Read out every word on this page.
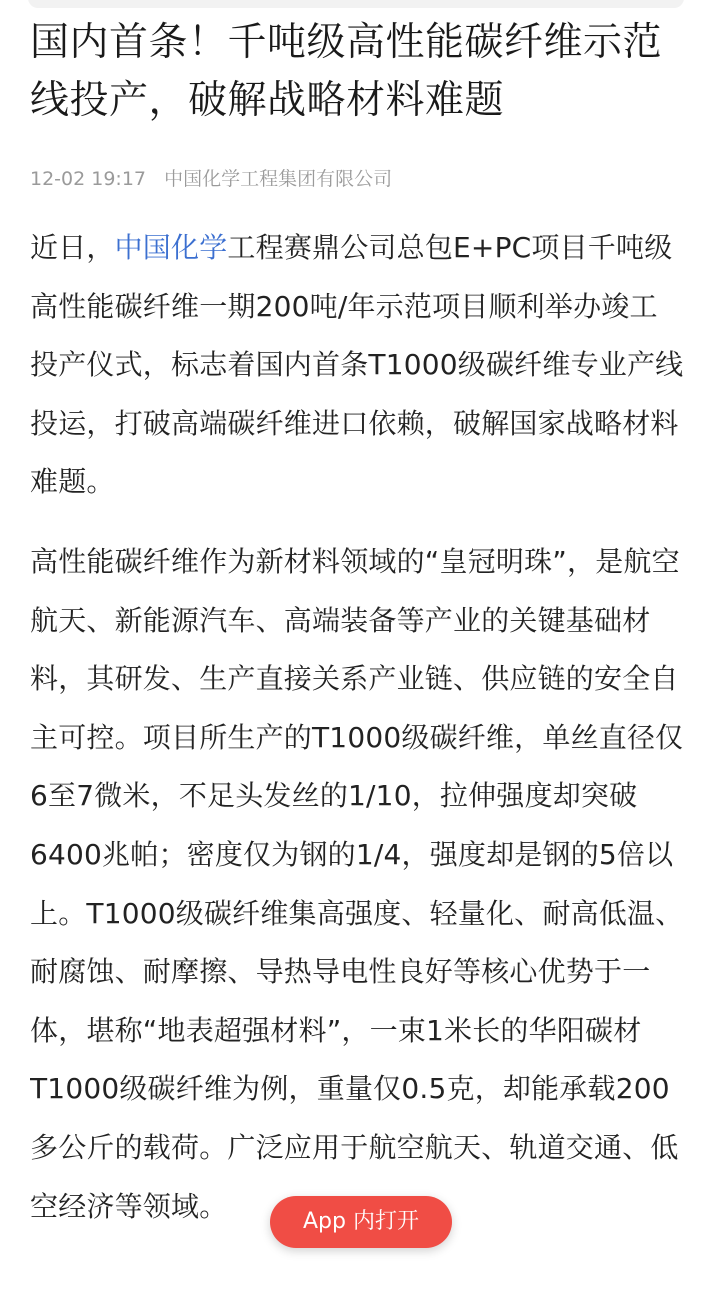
国内首条！千吨级高性能碳纤维示范线投产，破解战略材料难题
12-02 19:17 中国化学工程集团有限公司

近日，中国化学工程赛鼎公司总包E+PC项目千吨级高性能碳纤维一期200吨/年示范项目顺利举办竣工投产仪式，标志着国内首条T1000级碳纤维专业产线投运，打破高端碳纤维进口依赖，破解国家战略材料难题。

高性能碳纤维作为新材料领域的“皇冠明珠”，是航空航天、新能源汽车、高端装备等产业的关键基础材料，其研发、生产直接关系产业链、供应链的安全自主可控。项目所生产的T1000级碳纤维，单丝直径仅6至7微米，不足头发丝的1/10，拉伸强度却突破6400兆帕；密度仅为钢的1/4，强度却是钢的5倍以上。T1000级碳纤维集高强度、轻量化、耐高低温、耐腐蚀、耐摩擦、导热导电性良好等核心优势于一体，堪称“地表超强材料”，一束1米长的华阳碳材T1000级碳纤维为例，重量仅0.5克，却能承载200多公斤的载荷。广泛应用于航空航天、轨道交通、低空经济等领域。	App 内打开
